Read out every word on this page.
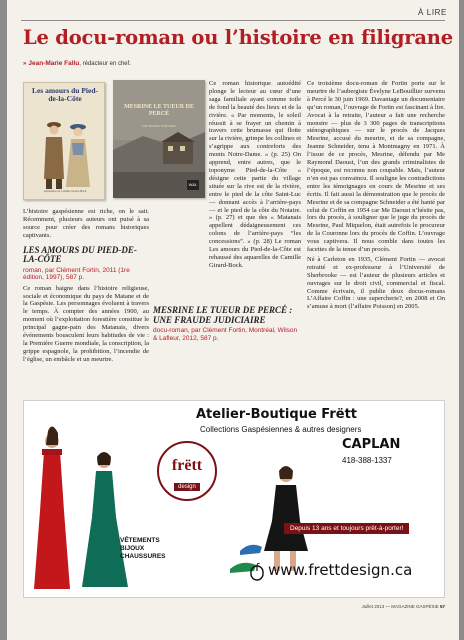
À LIRE
Le docu-roman ou l’histoire en filigrane
» Jean-Marie Fallu, rédacteur en chef.
Les amours du Pied-de-la-Côte
Aquarelles de Camille Girard-Bock
MESRINE LE TUEUR DE PERCÉ
UNE FRAUDE JUDICIAIRE
W&L

L’histoire gaspésienne est riche, on le sait. Récemment, plusieurs auteurs ont puisé à sa source pour créer des romans historiques captivants.

LES AMOURS DU PIED-DE-LA-CÔTE
roman, par Clément Fortin, 2011 (1re édition, 1997), 587 p.

Ce roman baigne dans l’histoire religieuse, sociale et économique du pays de Matane et de la Gaspésie. Les personnages évoluent à travers le temps. À compter des années 1900, au moment où l’exploitation forestière constitue le principal gagne-pain des Matanais, divers événements bousculent leurs habitudes de vie : la Première Guerre mondiale, la conscription, la grippe espagnole, la prohibition, l’incendie de l’église, un embâcle et un meurtre.

Ce roman historique autoédité plonge le lecteur au cœur d’une saga familiale ayant comme toile de fond la beauté des lieux et de la rivière. « Par moments, le soleil réussit à se frayer un chemin à travers cette brumasse qui flotte sur la rivière, grimpe les collines et s’agrippe aux contreforts des monts Notre-Dame. » (p. 25) On apprend, entre autres, que le toponyme Pied-de-la-Côte « désigne cette partie du village située sur la rive est de la rivière, entre le pied de la côte Saint-Luc — donnant accès à l’arrière-pays — et le pied de la côte du Notaire. » (p. 27) et que des « Matanais appellent dédaigneusement ces colons de l’arrière-pays “les concessions”. » (p. 28) Le roman Les amours du Pied-de-la-Côte est rehaussé des aquarelles de Camille Girard-Bock.

MESRINE LE TUEUR DE PERCÉ : UNE FRAUDE JUDICIAIRE
docu-roman, par Clément Fortin, Montréal, Wilson & Lafleur, 2012, 587 p.

Ce troisième docu-roman de Fortin porte sur le meurtre de l’aubergiste Évelyne LeBouillier survenu à Percé le 30 juin 1969. Davantage un documentaire qu’un roman, l’ouvrage de Fortin est fascinant à lire. Avocat à la retraite, l’auteur a fait une recherche monstre — plus de 3 300 pages de transcriptions sténographiques — sur le procès de Jacques Mesrine, accusé du meurtre, et de sa compagne, Jeanne Schneider, tenu à Montmagny en 1971. À l’issue de ce procès, Mesrine, défendu par Me Raymond Daoust, l’un des grands criminalistes de l’époque, est reconnu non coupable. Mais, l’auteur n’en est pas convaincu. Il souligne les contradictions entre les témoignages en cours de Mesrine et ses écrits. Il fait aussi la démonstration que le procès de Mesrine et de sa compagne Schneider a été hanté par celui de Coffin en 1954 car Me Daoust n’hésite pas, lors du procès, à souligner que le juge du procès de Mesrine, Paul Miquelon, était autrefois le procureur de la Couronne lors du procès de Coffin. L’ouvrage vous captivera. Il nous comble dans toutes les facettes de la tenue d’un procès.

Né à Carleton en 1935, Clément Fortin — avocat retraité et ex-professeur à l’Université de Sherbrooke — est l’auteur de plusieurs articles et ouvrages sur le droit civil, commercial et fiscal. Comme écrivain, il publie deux docus-romans L’Affaire Coffin : une supercherie?, en 2008 et On s’amuse à mort (l’affaire Poisson) en 2005.

Atelier-Boutique Frëtt
Collections Gaspésiennes & autres designers
CAPLAN
418-388-1337
frëtt
design
Depuis 13 ans et toujours prêt-à-porter!
VÊTEMENTS
BIJOUX
CHAUSSURES
www.frettdesign.ca
Juillet 2013 — MAGAZINE GASPÉSIE 57
